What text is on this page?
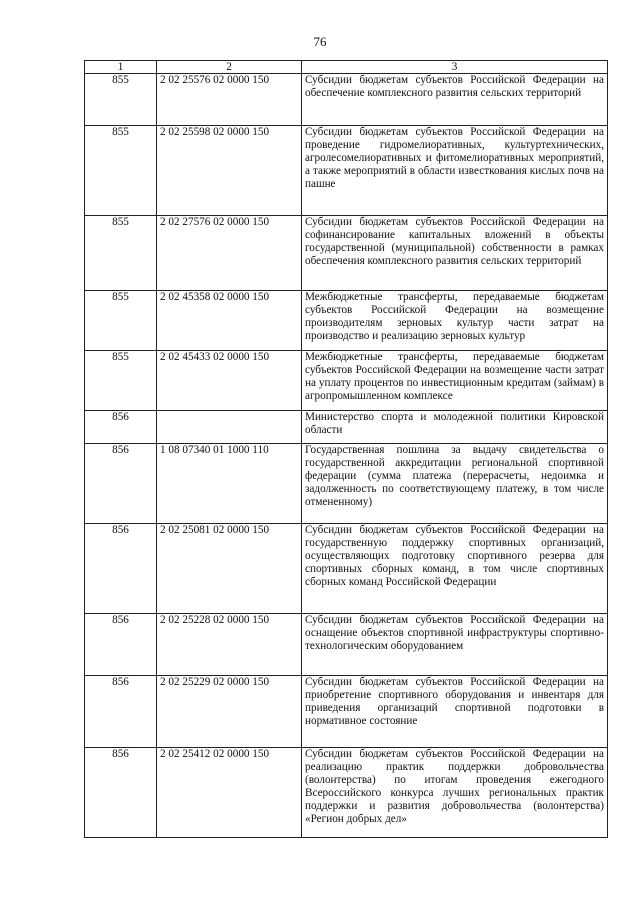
76
1	2	3
855	2 02 25576 02 0000 150	Субсидии бюджетам субъектов Российской Федерации на обеспечение комплексного развития сельских территорий
855	2 02 25598 02 0000 150	Субсидии бюджетам субъектов Российской Федерации на проведение гидромелиоративных, культуртехнических, агролесомелиоративных и фитомелиоративных мероприятий, а также мероприятий в области известкования кислых почв на пашне
855	2 02 27576 02 0000 150	Субсидии бюджетам субъектов Российской Федерации на софинансирование капитальных вложений в объекты государственной (муниципальной) собственности в рамках обеспечения комплексного развития сельских территорий
855	2 02 45358 02 0000 150	Межбюджетные трансферты, передаваемые бюджетам субъектов Российской Федерации на возмещение производителям зерновых культур части затрат на производство и реализацию зерновых культур
855	2 02 45433 02 0000 150	Межбюджетные трансферты, передаваемые бюджетам субъектов Российской Федерации на возмещение части затрат на уплату процентов по инвестиционным кредитам (займам) в агропромышленном комплексе
856		Министерство спорта и молодежной политики Кировской области
856	1 08 07340 01 1000 110	Государственная пошлина за выдачу свидетельства о государственной аккредитации региональной спортивной федерации (сумма платежа (перерасчеты, недоимка и задолженность по соответствующему платежу, в том числе отмененному)
856	2 02 25081 02 0000 150	Субсидии бюджетам субъектов Российской Федерации на государственную поддержку спортивных организаций, осуществляющих подготовку спортивного резерва для спортивных сборных команд, в том числе спортивных сборных команд Российской Федерации
856	2 02 25228 02 0000 150	Субсидии бюджетам субъектов Российской Федерации на оснащение объектов спортивной инфраструктуры спортивно-технологическим оборудованием
856	2 02 25229 02 0000 150	Субсидии бюджетам субъектов Российской Федерации на приобретение спортивного оборудования и инвентаря для приведения организаций спортивной подготовки в нормативное состояние
856	2 02 25412 02 0000 150	Субсидии бюджетам субъектов Российской Федерации на реализацию практик поддержки добровольчества (волонтерства) по итогам проведения ежегодного Всероссийского конкурса лучших региональных практик поддержки и развития добровольчества (волонтерства) «Регион добрых дел»
